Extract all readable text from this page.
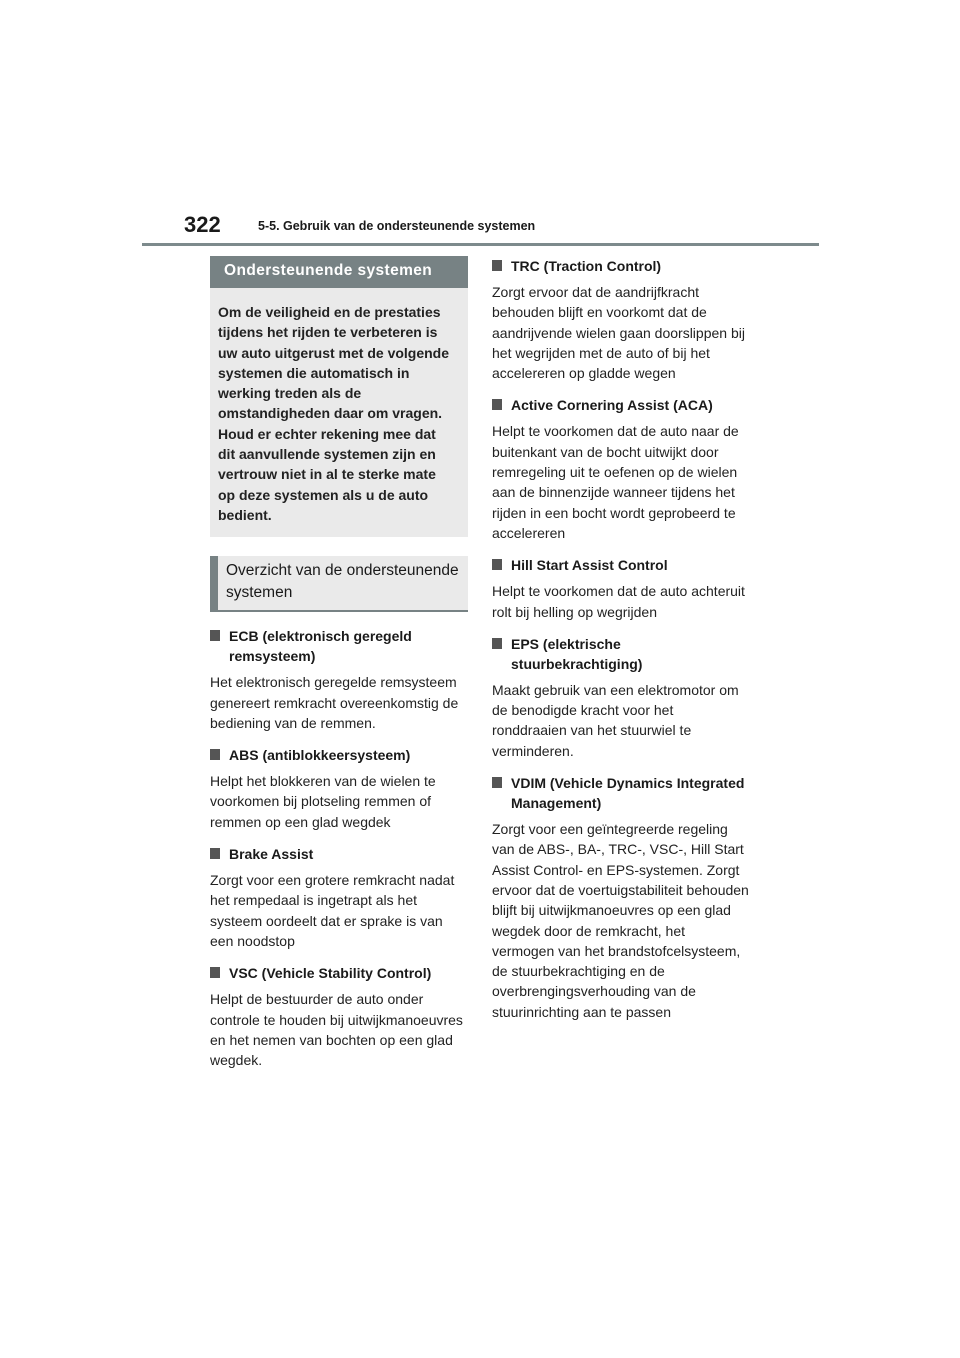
322	5-5. Gebruik van de ondersteunende systemen
Ondersteunende systemen
Om de veiligheid en de prestaties tijdens het rijden te verbeteren is uw auto uitgerust met de volgende systemen die automatisch in werking treden als de omstandigheden daar om vragen. Houd er echter rekening mee dat dit aanvullende systemen zijn en vertrouw niet in al te sterke mate op deze systemen als u de auto bedient.
Overzicht van de ondersteunende systemen
ECB (elektronisch geregeld remsysteem)
Het elektronisch geregelde remsysteem genereert remkracht overeenkomstig de bediening van de remmen.
ABS (antiblokkeersysteem)
Helpt het blokkeren van de wielen te voorkomen bij plotseling remmen of remmen op een glad wegdek
Brake Assist
Zorgt voor een grotere remkracht nadat het rempedaal is ingetrapt als het systeem oordeelt dat er sprake is van een noodstop
VSC (Vehicle Stability Control)
Helpt de bestuurder de auto onder controle te houden bij uitwijkmanoeuvres en het nemen van bochten op een glad wegdek.
TRC (Traction Control)
Zorgt ervoor dat de aandrijfkracht behouden blijft en voorkomt dat de aandrijvende wielen gaan doorslippen bij het wegrijden met de auto of bij het accelereren op gladde wegen
Active Cornering Assist (ACA)
Helpt te voorkomen dat de auto naar de buitenkant van de bocht uitwijkt door remregeling uit te oefenen op de wielen aan de binnenzijde wanneer tijdens het rijden in een bocht wordt geprobeerd te accelereren
Hill Start Assist Control
Helpt te voorkomen dat de auto achteruit rolt bij helling op wegrijden
EPS (elektrische stuurbekrachtiging)
Maakt gebruik van een elektromotor om de benodigde kracht voor het ronddraaien van het stuurwiel te verminderen.
VDIM (Vehicle Dynamics Integrated Management)
Zorgt voor een geïntegreerde regeling van de ABS-, BA-, TRC-, VSC-, Hill Start Assist Control- en EPS-systemen. Zorgt ervoor dat de voertuigstabiliteit behouden blijft bij uitwijkmanoeuvres op een glad wegdek door de remkracht, het vermogen van het brandstofcelsysteem, de stuurbekrachtiging en de overbrengingsverhouding van de stuurinrichting aan te passen
